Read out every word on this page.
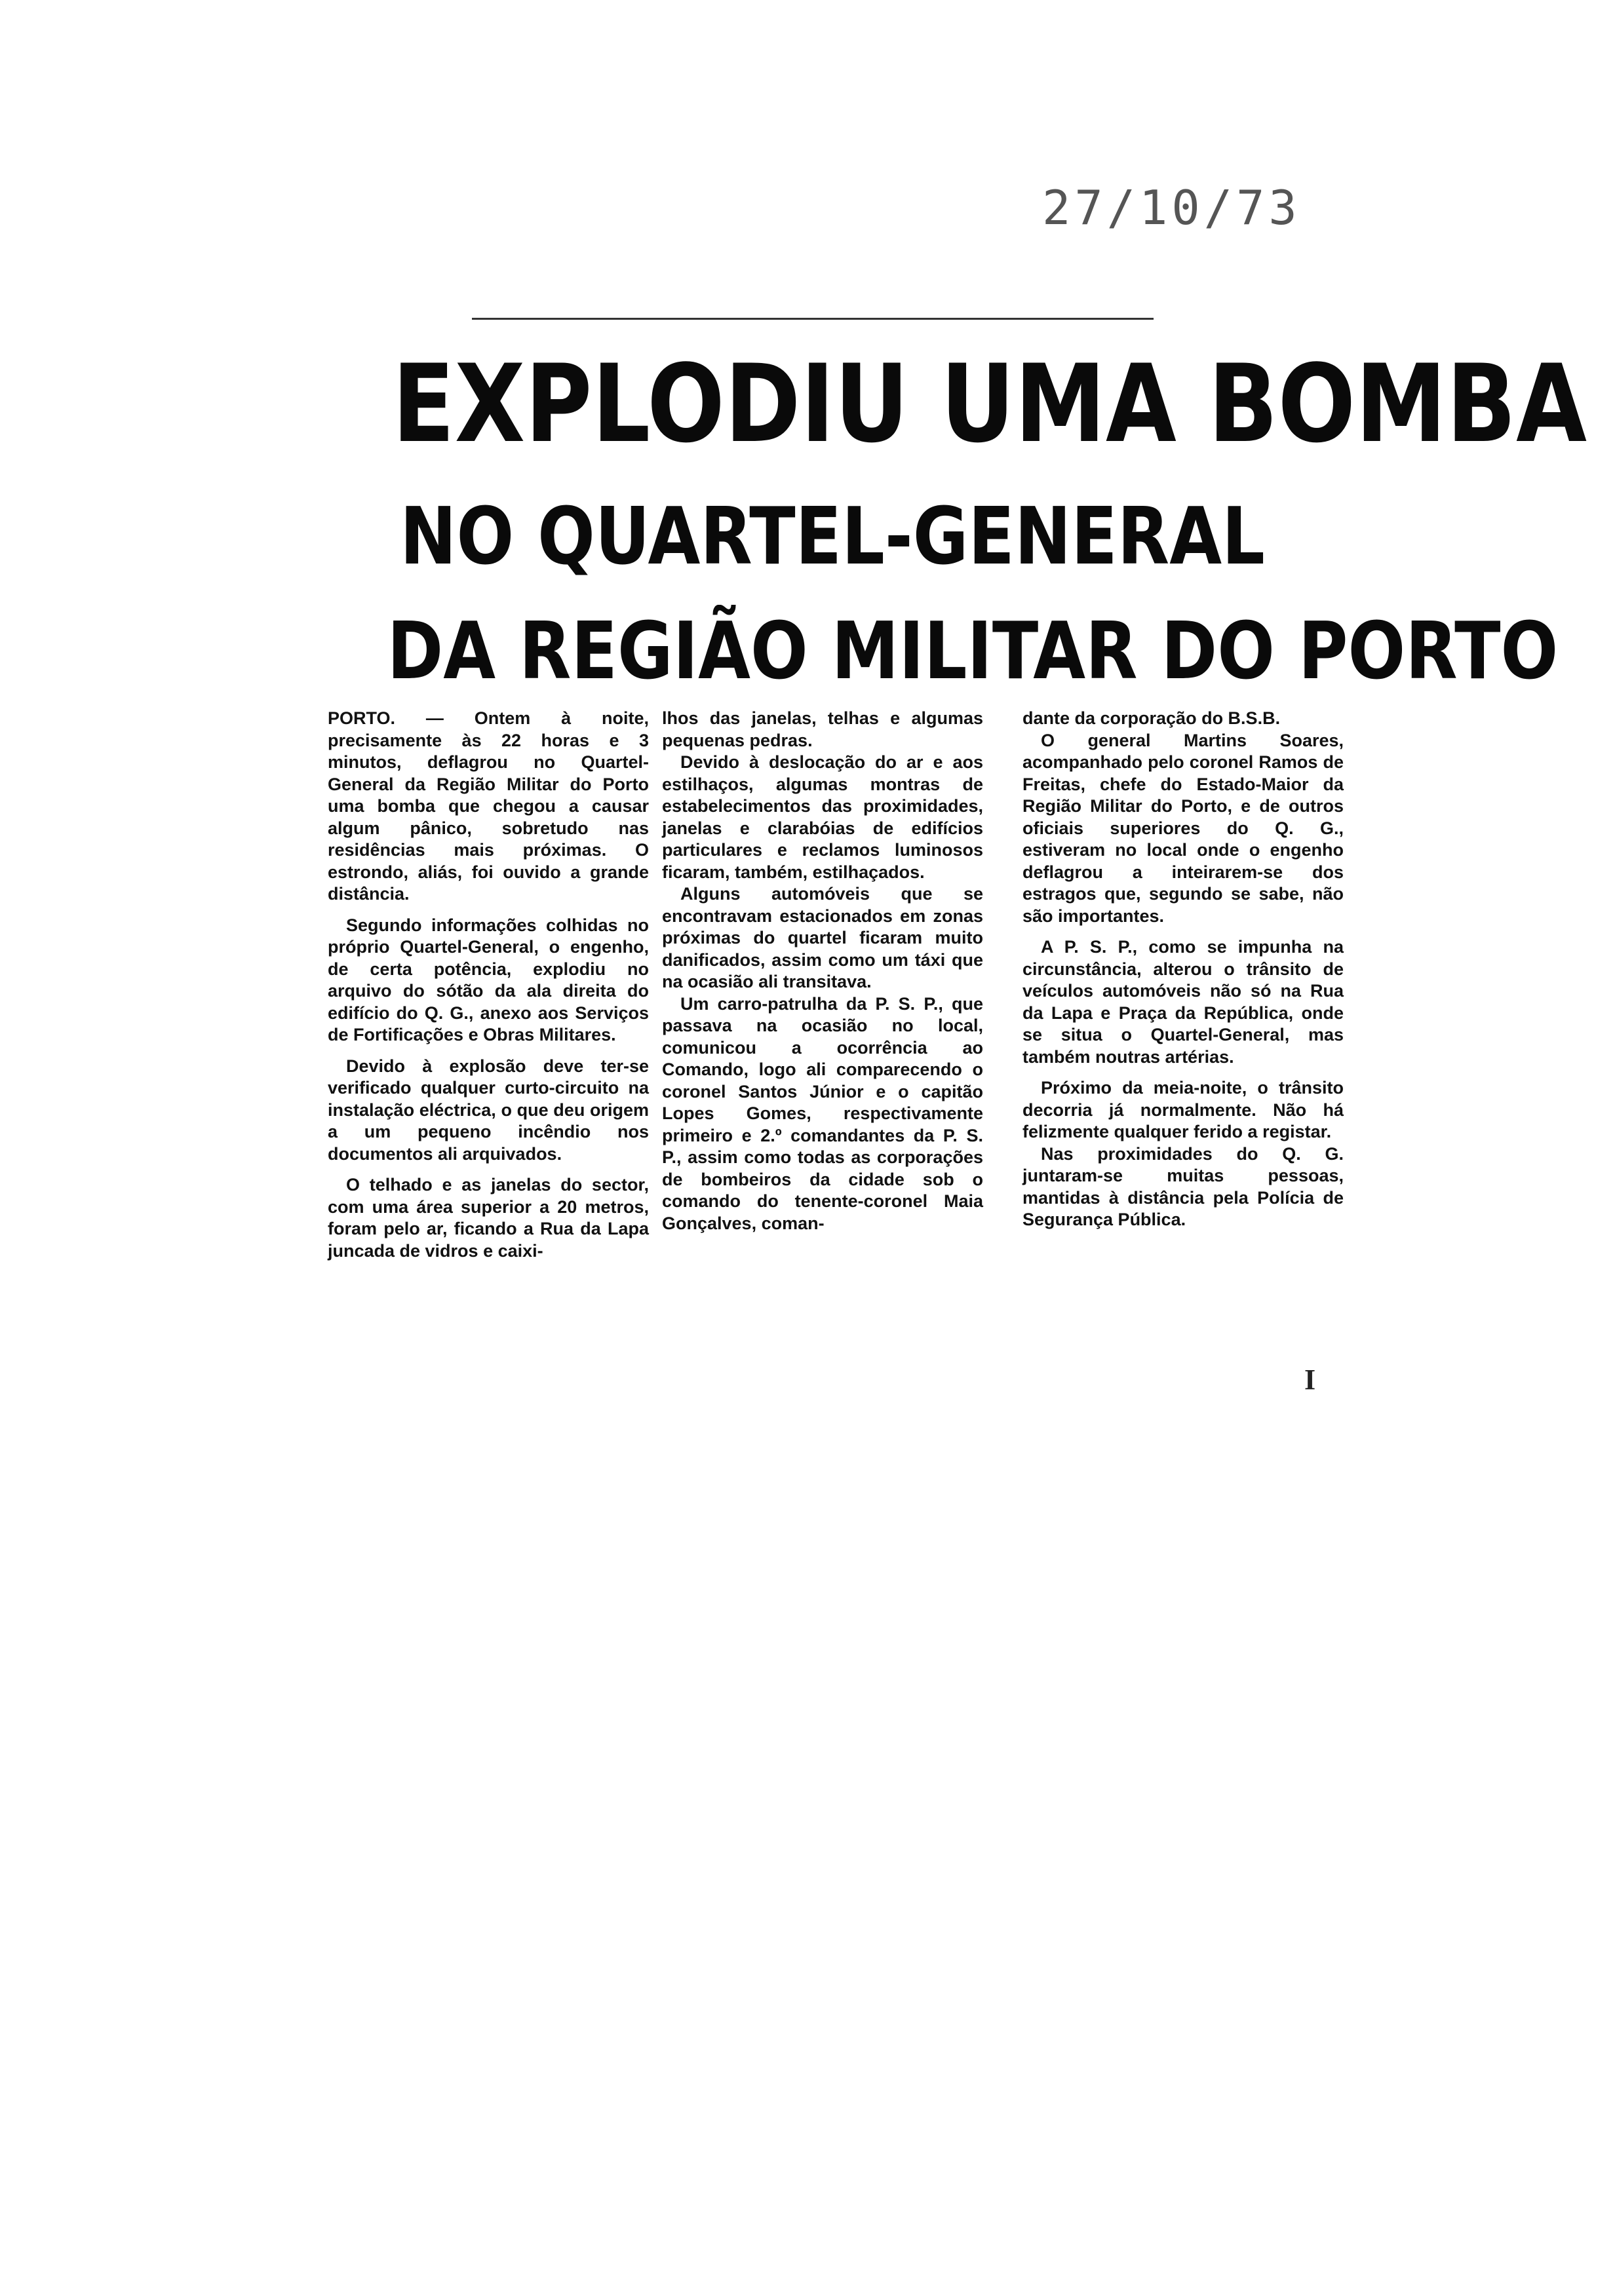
27/10/73
EXPLODIU UMA BOMBA
NO QUARTEL-GENERAL
DA REGIÃO MILITAR DO PORTO

PORTO. — Ontem à noite, precisamente às 22 horas e 3 minutos, deflagrou no Quartel-General da Região Militar do Porto uma bomba que chegou a causar algum pânico, sobretudo nas residências mais próximas. O estrondo, aliás, foi ouvido a grande distância.

Segundo informações colhidas no próprio Quartel-General, o engenho, de certa potência, explodiu no arquivo do sótão da ala direita do edifício do Q. G., anexo aos Serviços de Fortificações e Obras Militares.

Devido à explosão deve ter-se verificado qualquer curto-circuito na instalação eléctrica, o que deu origem a um pequeno incêndio nos documentos ali arquivados.

O telhado e as janelas do sector, com uma área superior a 20 metros, foram pelo ar, ficando a Rua da Lapa juncada de vidros e caixi-

lhos das janelas, telhas e algumas pequenas pedras.

Devido à deslocação do ar e aos estilhaços, algumas montras de estabelecimentos das proximidades, janelas e clarabóias de edifícios particulares e reclamos luminosos ficaram, também, estilhaçados.

Alguns automóveis que se encontravam estacionados em zonas próximas do quartel ficaram muito danificados, assim como um táxi que na ocasião ali transitava.

Um carro-patrulha da P. S. P., que passava na ocasião no local, comunicou a ocorrência ao Comando, logo ali comparecendo o coronel Santos Júnior e o capitão Lopes Gomes, respectivamente primeiro e 2.º comandantes da P. S. P., assim como todas as corporações de bombeiros da cidade sob o comando do tenente-coronel Maia Gonçalves, coman-

dante da corporação do B.S.B.

O general Martins Soares, acompanhado pelo coronel Ramos de Freitas, chefe do Estado-Maior da Região Militar do Porto, e de outros oficiais superiores do Q. G., estiveram no local onde o engenho deflagrou a inteirarem-se dos estragos que, segundo se sabe, não são importantes.

A P. S. P., como se impunha na circunstância, alterou o trânsito de veículos automóveis não só na Rua da Lapa e Praça da República, onde se situa o Quartel-General, mas também noutras artérias.

Próximo da meia-noite, o trânsito decorria já normalmente. Não há felizmente qualquer ferido a registar.

Nas proximidades do Q. G. juntaram-se muitas pessoas, mantidas à distância pela Polícia de Segurança Pública.

I
